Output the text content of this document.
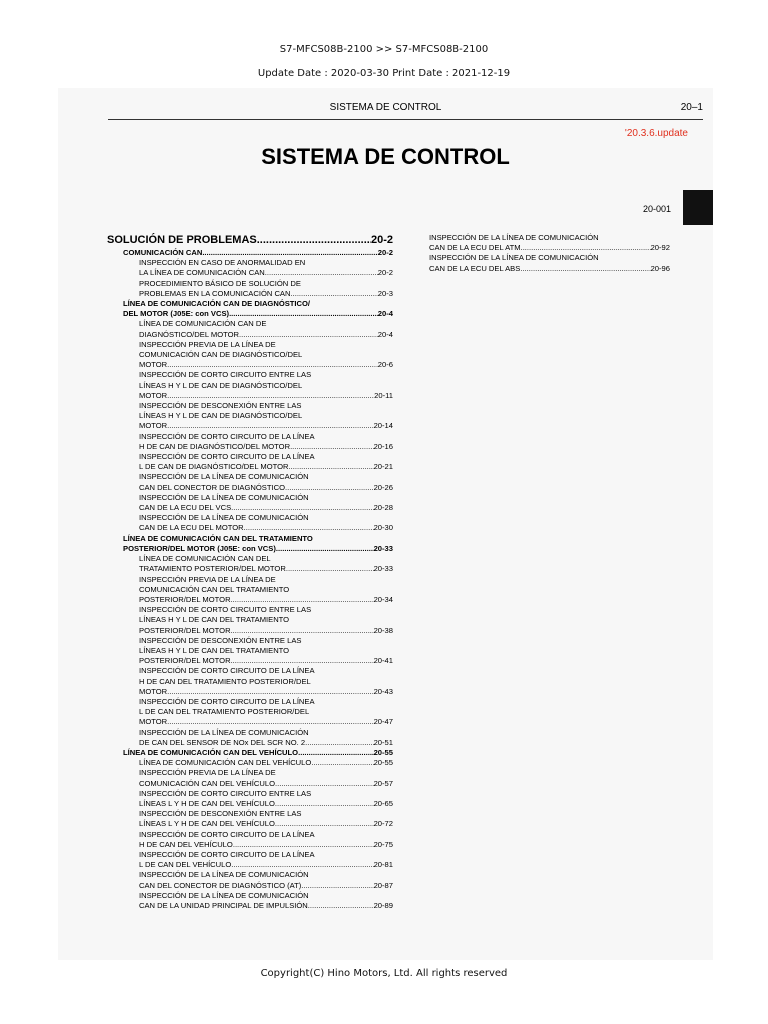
S7-MFCS08B-2100 >> S7-MFCS08B-2100
Update Date : 2020-03-30 Print Date : 2021-12-19
SISTEMA DE CONTROL	20–1
'20.3.6.update
SISTEMA DE CONTROL
20-001
SOLUCIÓN DE PROBLEMAS .....	20-2
COMUNICACIÓN CAN .....	20-2
INSPECCIÓN EN CASO DE ANORMALIDAD EN
LA LÍNEA DE COMUNICACIÓN CAN .....	20-2
PROCEDIMIENTO BÁSICO DE SOLUCIÓN DE
PROBLEMAS EN LA COMUNICACIÓN CAN .....	20-3
LÍNEA DE COMUNICACIÓN CAN DE DIAGNÓSTICO/
DEL MOTOR (J05E: con VCS) .....	20-4
LÍNEA DE COMUNICACIÓN CAN DE
DIAGNÓSTICO/DEL MOTOR .....	20-4
INSPECCIÓN PREVIA DE LA LÍNEA DE
COMUNICACIÓN CAN DE DIAGNÓSTICO/DEL
MOTOR .....	20-6
INSPECCIÓN DE CORTO CIRCUITO ENTRE LAS
LÍNEAS H Y L DE CAN DE DIAGNÓSTICO/DEL
MOTOR .....	20-11
INSPECCIÓN DE DESCONEXIÓN ENTRE LAS
LÍNEAS H Y L DE CAN DE DIAGNÓSTICO/DEL
MOTOR .....	20-14
INSPECCIÓN DE CORTO CIRCUITO DE LA LÍNEA
H DE CAN DE DIAGNÓSTICO/DEL MOTOR .....	20-16
INSPECCIÓN DE CORTO CIRCUITO DE LA LÍNEA
L DE CAN DE DIAGNÓSTICO/DEL MOTOR .....	20-21
INSPECCIÓN DE LA LÍNEA DE COMUNICACIÓN
CAN DEL CONECTOR DE DIAGNÓSTICO .....	20-26
INSPECCIÓN DE LA LÍNEA DE COMUNICACIÓN
CAN DE LA ECU DEL VCS .....	20-28
INSPECCIÓN DE LA LÍNEA DE COMUNICACIÓN
CAN DE LA ECU DEL MOTOR .....	20-30
LÍNEA DE COMUNICACIÓN CAN DEL TRATAMIENTO
POSTERIOR/DEL MOTOR (J05E: con VCS) .....	20-33
LÍNEA DE COMUNICACIÓN CAN DEL
TRATAMIENTO POSTERIOR/DEL MOTOR .....	20-33
INSPECCIÓN PREVIA DE LA LÍNEA DE
COMUNICACIÓN CAN DEL TRATAMIENTO
POSTERIOR/DEL MOTOR .....	20-34
INSPECCIÓN DE CORTO CIRCUITO ENTRE LAS
LÍNEAS H Y L DE CAN DEL TRATAMIENTO
POSTERIOR/DEL MOTOR .....	20-38
INSPECCIÓN DE DESCONEXIÓN ENTRE LAS
LÍNEAS H Y L DE CAN DEL TRATAMIENTO
POSTERIOR/DEL MOTOR .....	20-41
INSPECCIÓN DE CORTO CIRCUITO DE LA LÍNEA
H DE CAN DEL TRATAMIENTO POSTERIOR/DEL
MOTOR .....	20-43
INSPECCIÓN DE CORTO CIRCUITO DE LA LÍNEA
L DE CAN DEL TRATAMIENTO POSTERIOR/DEL
MOTOR .....	20-47
INSPECCIÓN DE LA LÍNEA DE COMUNICACIÓN
DE CAN DEL SENSOR DE NOx DEL SCR NO. 2 .....	20-51
LÍNEA DE COMUNICACIÓN CAN DEL VEHÍCULO .....	20-55
LÍNEA DE COMUNICACIÓN CAN DEL VEHÍCULO .....	20-55
INSPECCIÓN PREVIA DE LA LÍNEA DE
COMUNICACIÓN CAN DEL VEHÍCULO .....	20-57
INSPECCIÓN DE CORTO CIRCUITO ENTRE LAS
LÍNEAS L Y H DE CAN DEL VEHÍCULO .....	20-65
INSPECCIÓN DE DESCONEXIÓN ENTRE LAS
LÍNEAS L Y H DE CAN DEL VEHÍCULO .....	20-72
INSPECCIÓN DE CORTO CIRCUITO DE LA LÍNEA
H DE CAN DEL VEHÍCULO .....	20-75
INSPECCIÓN DE CORTO CIRCUITO DE LA LÍNEA
L DE CAN DEL VEHÍCULO .....	20-81
INSPECCIÓN DE LA LÍNEA DE COMUNICACIÓN
CAN DEL CONECTOR DE DIAGNÓSTICO (AT) .....	20-87
INSPECCIÓN DE LA LÍNEA DE COMUNICACIÓN
CAN DE LA UNIDAD PRINCIPAL DE IMPULSIÓN .....	20-89
INSPECCIÓN DE LA LÍNEA DE COMUNICACIÓN
CAN DE LA ECU DEL ATM .....	20-92
INSPECCIÓN DE LA LÍNEA DE COMUNICACIÓN
CAN DE LA ECU DEL ABS .....	20-96
Copyright(C) Hino Motors, Ltd. All rights reserved
